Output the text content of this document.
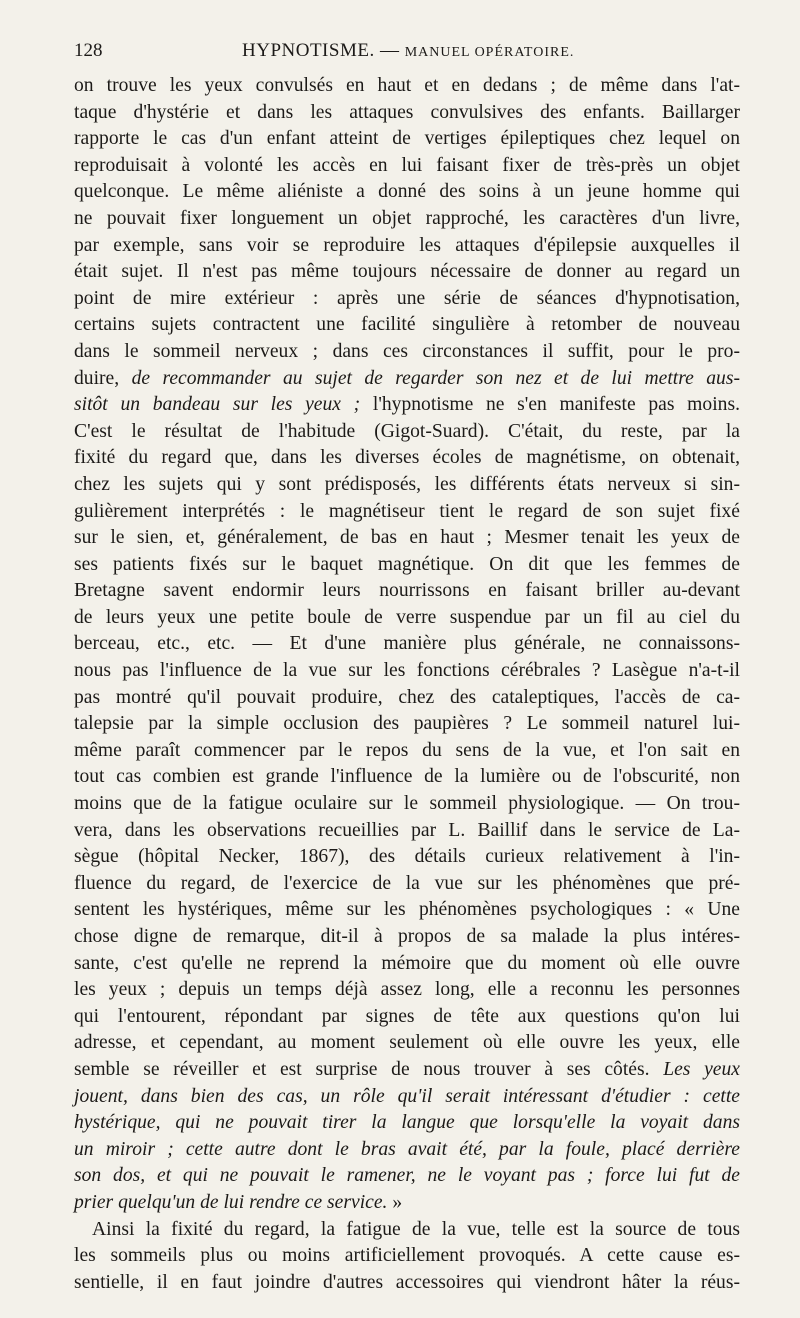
128	HYPNOTISME. — MANUEL OPÉRATOIRE.
on trouve les yeux convulsés en haut et en dedans ; de même dans l'at-
taque d'hystérie et dans les attaques convulsives des enfants. Baillarger
rapporte le cas d'un enfant atteint de vertiges épileptiques chez lequel on
reproduisait à volonté les accès en lui faisant fixer de très-près un objet
quelconque. Le même aliéniste a donné des soins à un jeune homme qui
ne pouvait fixer longuement un objet rapproché, les caractères d'un livre,
par exemple, sans voir se reproduire les attaques d'épilepsie auxquelles il
était sujet. Il n'est pas même toujours nécessaire de donner au regard un
point de mire extérieur : après une série de séances d'hypnotisation,
certains sujets contractent une facilité singulière à retomber de nouveau
dans le sommeil nerveux ; dans ces circonstances il suffit, pour le pro-
duire, de recommander au sujet de regarder son nez et de lui mettre aus-
sitôt un bandeau sur les yeux ; l'hypnotisme ne s'en manifeste pas moins.
C'est le résultat de l'habitude (Gigot-Suard). C'était, du reste, par la
fixité du regard que, dans les diverses écoles de magnétisme, on obtenait,
chez les sujets qui y sont prédisposés, les différents états nerveux si sin-
gulièrement interprétés : le magnétiseur tient le regard de son sujet fixé
sur le sien, et, généralement, de bas en haut ; Mesmer tenait les yeux de
ses patients fixés sur le baquet magnétique. On dit que les femmes de
Bretagne savent endormir leurs nourrissons en faisant briller au-devant
de leurs yeux une petite boule de verre suspendue par un fil au ciel du
berceau, etc., etc. — Et d'une manière plus générale, ne connaissons-
nous pas l'influence de la vue sur les fonctions cérébrales ? Lasègue n'a-t-il
pas montré qu'il pouvait produire, chez des cataleptiques, l'accès de ca-
talepsie par la simple occlusion des paupières ? Le sommeil naturel lui-
même paraît commencer par le repos du sens de la vue, et l'on sait en
tout cas combien est grande l'influence de la lumière ou de l'obscurité, non
moins que de la fatigue oculaire sur le sommeil physiologique. — On trou-
vera, dans les observations recueillies par L. Baillif dans le service de La-
sègue (hôpital Necker, 1867), des détails curieux relativement à l'in-
fluence du regard, de l'exercice de la vue sur les phénomènes que pré-
sentent les hystériques, même sur les phénomènes psychologiques : « Une
chose digne de remarque, dit-il à propos de sa malade la plus intéres-
sante, c'est qu'elle ne reprend la mémoire que du moment où elle ouvre
les yeux ; depuis un temps déjà assez long, elle a reconnu les personnes
qui l'entourent, répondant par signes de tête aux questions qu'on lui
adresse, et cependant, au moment seulement où elle ouvre les yeux, elle
semble se réveiller et est surprise de nous trouver à ses côtés. Les yeux
jouent, dans bien des cas, un rôle qu'il serait intéressant d'étudier : cette
hystérique, qui ne pouvait tirer la langue que lorsqu'elle la voyait dans
un miroir ; cette autre dont le bras avait été, par la foule, placé derrière
son dos, et qui ne pouvait le ramener, ne le voyant pas ; force lui fut de
prier quelqu'un de lui rendre ce service. »
Ainsi la fixité du regard, la fatigue de la vue, telle est la source de tous
les sommeils plus ou moins artificiellement provoqués. A cette cause es-
sentielle, il en faut joindre d'autres accessoires qui viendront hâter la réus-
